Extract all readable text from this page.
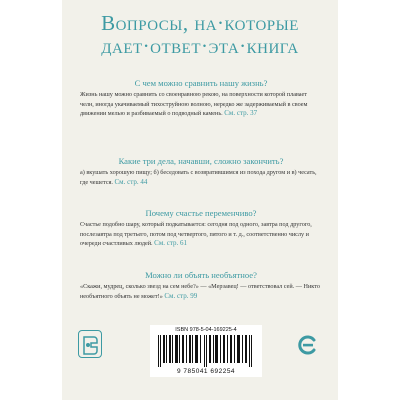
Вопросы, на·которые
дает·ответ·эта·книга

С чем можно сравнить нашу жизнь?

Жизнь нашу можно сравнить со своенравною рекою, на поверхности которой плавает челн, иногда укачиваемый тихоструйною волною, нередко же задерживаемый в своем движении мелью и разбиваемый о подводный камень. См. стр. 37

Какие три дела, начавши, сложно закончить?

а) вкушать хорошую пищу; б) беседовать с возвратившимся из похода другом и в) чесать, где чешется. См. стр. 44

Почему счастье переменчиво?

Счастье подобно шару, который подкатывается: сегодня под одного, завтра под другого, послезавтра под третьего, потом под четвертого, пятого и т. д., соответственно числу и очереди счастливых людей. См. стр. 61

Можно ли объять необъятное?

«Скажи, мудрец, сколько звезд на сем небе?» — «Мерзавец! — ответствовал сей. — Никто необъятного объять не может!» См. стр. 99

ISBN 978-5-04-169225-4
9 785041 692254
